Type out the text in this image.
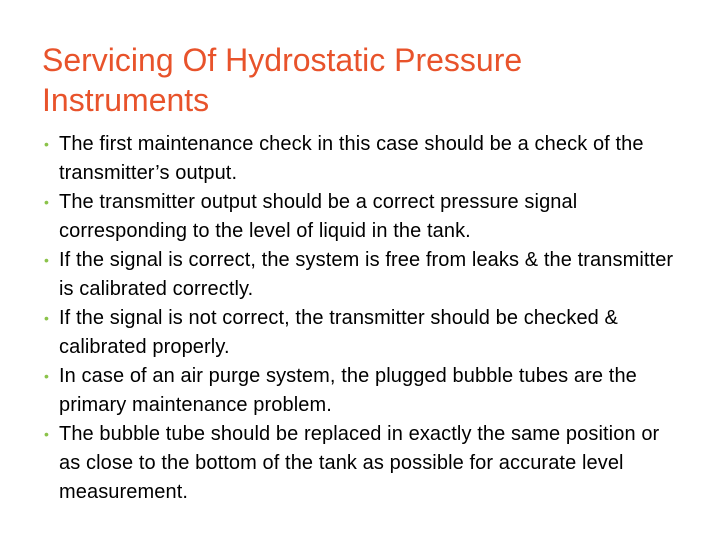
Servicing Of Hydrostatic Pressure Instruments
• The first maintenance check in this case should be a check of the transmitter’s output.
• The transmitter output should be a correct pressure signal corresponding to the level of liquid in the tank.
• If the signal is correct, the system is free from leaks & the transmitter is calibrated correctly.
• If the signal is not correct, the transmitter should be checked & calibrated properly.
• In case of an air purge system, the plugged bubble tubes are the primary maintenance problem.
• The bubble tube should be replaced in exactly the same position or as close to the bottom of the tank as possible for accurate level measurement.
